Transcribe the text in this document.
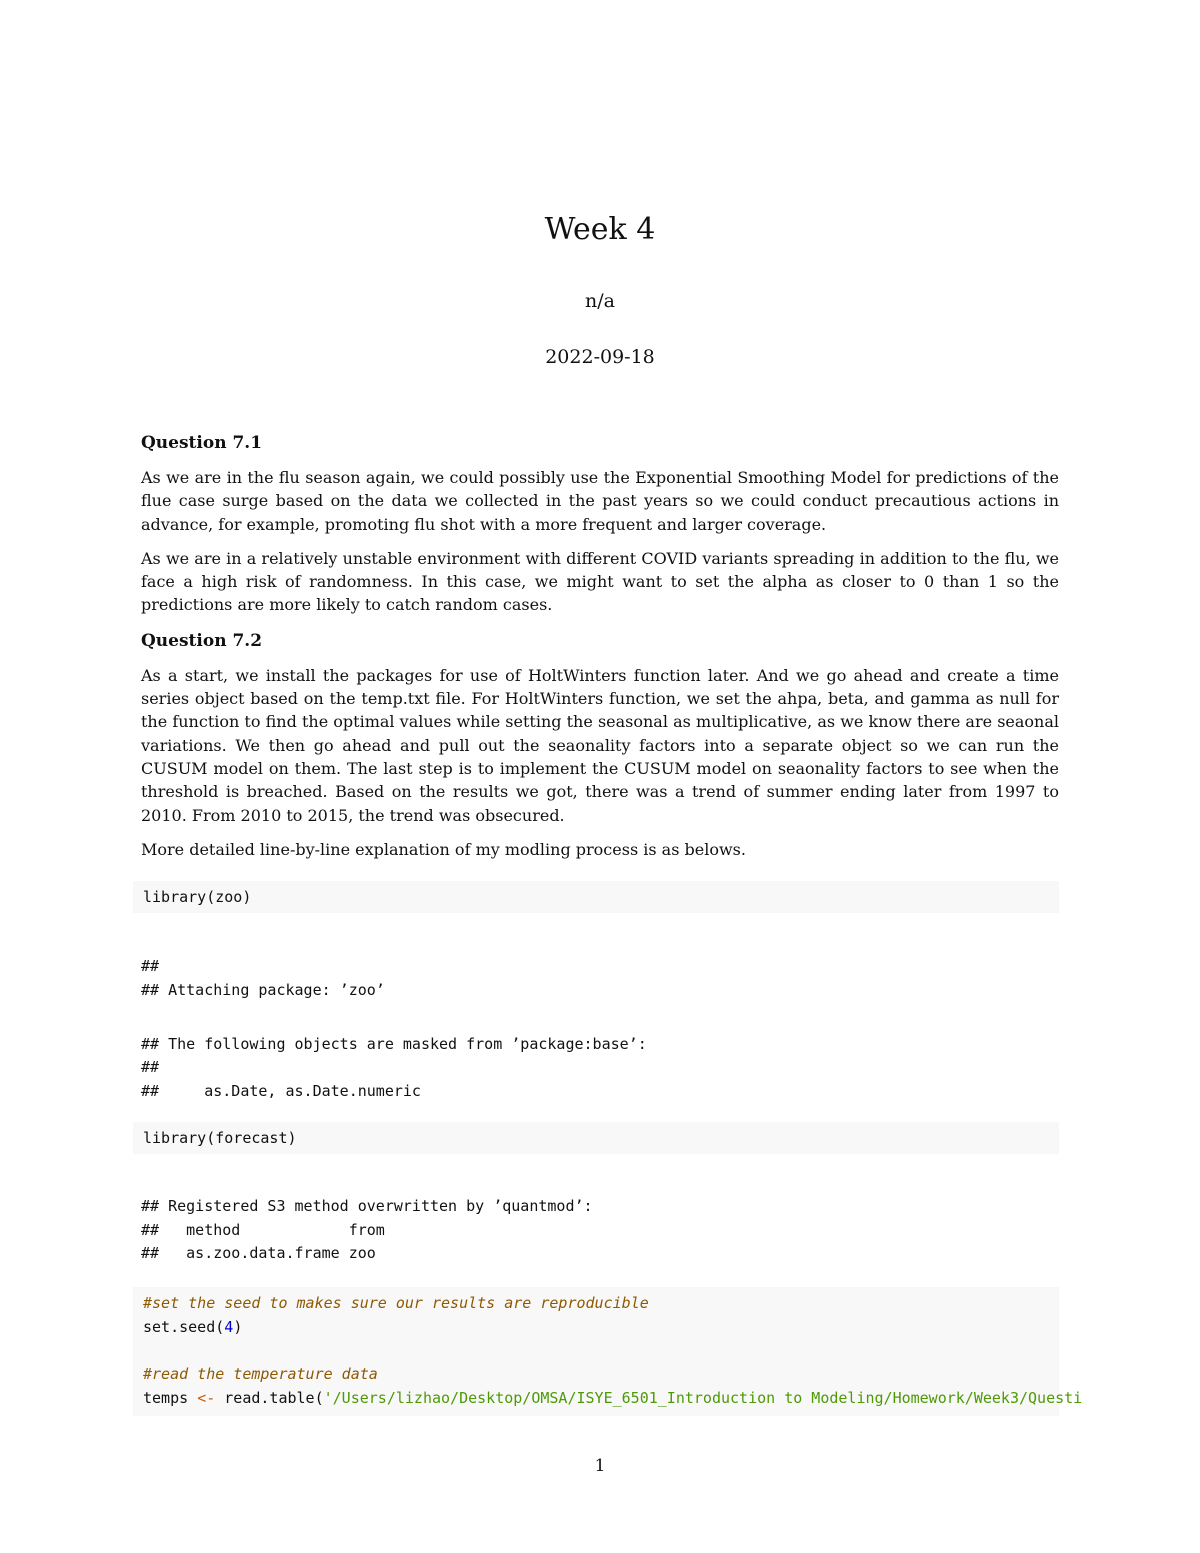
Week 4
n/a
2022-09-18
Question 7.1

As we are in the flu season again, we could possibly use the Exponential Smoothing Model for predictions of the flue case surge based on the data we collected in the past years so we could conduct precautious actions in advance, for example, promoting flu shot with a more frequent and larger coverage.

As we are in a relatively unstable environment with different COVID variants spreading in addition to the flu, we face a high risk of randomness. In this case, we might want to set the alpha as closer to 0 than 1 so the predictions are more likely to catch random cases.

Question 7.2

As a start, we install the packages for use of HoltWinters function later. And we go ahead and create a time series object based on the temp.txt file. For HoltWinters function, we set the ahpa, beta, and gamma as null for the function to find the optimal values while setting the seasonal as multiplicative, as we know there are seaonal variations. We then go ahead and pull out the seaonality factors into a separate object so we can run the CUSUM model on them. The last step is to implement the CUSUM model on seaonality factors to see when the threshold is breached. Based on the results we got, there was a trend of summer ending later from 1997 to 2010. From 2010 to 2015, the trend was obsecured.

More detailed line-by-line explanation of my modling process is as belows.

library(zoo)
##
## Attaching package: ’zoo’
## The following objects are masked from ’package:base’:
##
##     as.Date, as.Date.numeric
library(forecast)
## Registered S3 method overwritten by ’quantmod’:
##   method            from
##   as.zoo.data.frame zoo
#set the seed to makes sure our results are reproducible
set.seed(4)
#read the temperature data
temps <- read.table('/Users/lizhao/Desktop/OMSA/ISYE_6501_Introduction to Modeling/Homework/Week3/Questi
1
